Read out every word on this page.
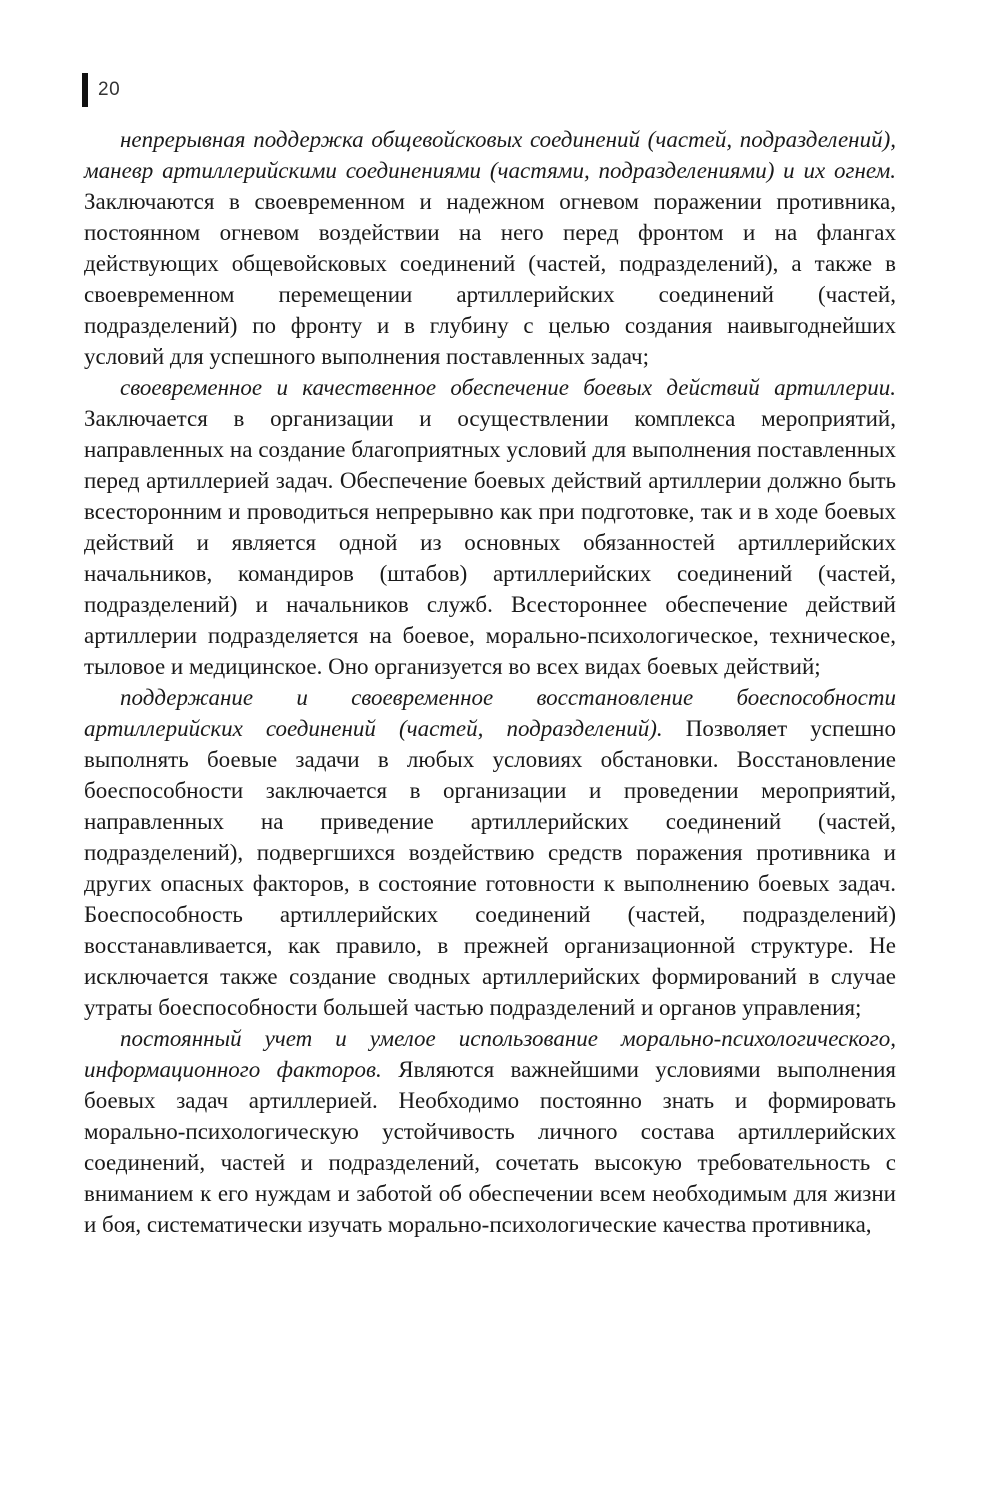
20

непрерывная поддержка общевойсковых соединений (частей, подразделений), маневр артиллерийскими соединениями (частями, подразделениями) и их огнем. Заключаются в своевременном и надежном огневом поражении противника, постоянном огневом воздействии на него перед фронтом и на флангах действующих общевойсковых соединений (частей, подразделений), а также в своевременном перемещении артиллерийских соединений (частей, подразделений) по фронту и в глубину с целью создания наивыгоднейших условий для успешного выполнения поставленных задач;

своевременное и качественное обеспечение боевых действий артиллерии. Заключается в организации и осуществлении комплекса мероприятий, направленных на создание благоприятных условий для выполнения поставленных перед артиллерией задач. Обеспечение боевых действий артиллерии должно быть всесторонним и проводиться непрерывно как при подготовке, так и в ходе боевых действий и является одной из основных обязанностей артиллерийских начальников, командиров (штабов) артиллерийских соединений (частей, подразделений) и начальников служб. Всестороннее обеспечение действий артиллерии подразделяется на боевое, морально-психологическое, техническое, тыловое и медицинское. Оно организуется во всех видах боевых действий;

поддержание и своевременное восстановление боеспособности артиллерийских соединений (частей, подразделений). Позволяет успешно выполнять боевые задачи в любых условиях обстановки. Восстановление боеспособности заключается в организации и проведении мероприятий, направленных на приведение артиллерийских соединений (частей, подразделений), подвергшихся воздействию средств поражения противника и других опасных факторов, в состояние готовности к выполнению боевых задач. Боеспособность артиллерийских соединений (частей, подразделений) восстанавливается, как правило, в прежней организационной структуре. Не исключается также создание сводных артиллерийских формирований в случае утраты боеспособности большей частью подразделений и органов управления;

постоянный учет и умелое использование морально-психологического, информационного факторов. Являются важнейшими условиями выполнения боевых задач артиллерией. Необходимо постоянно знать и формировать морально-психологическую устойчивость личного состава артиллерийских соединений, частей и подразделений, сочетать высокую требовательность с вниманием к его нуждам и заботой об обеспечении всем необходимым для жизни и боя, систематически изучать морально-психологические качества противника,
